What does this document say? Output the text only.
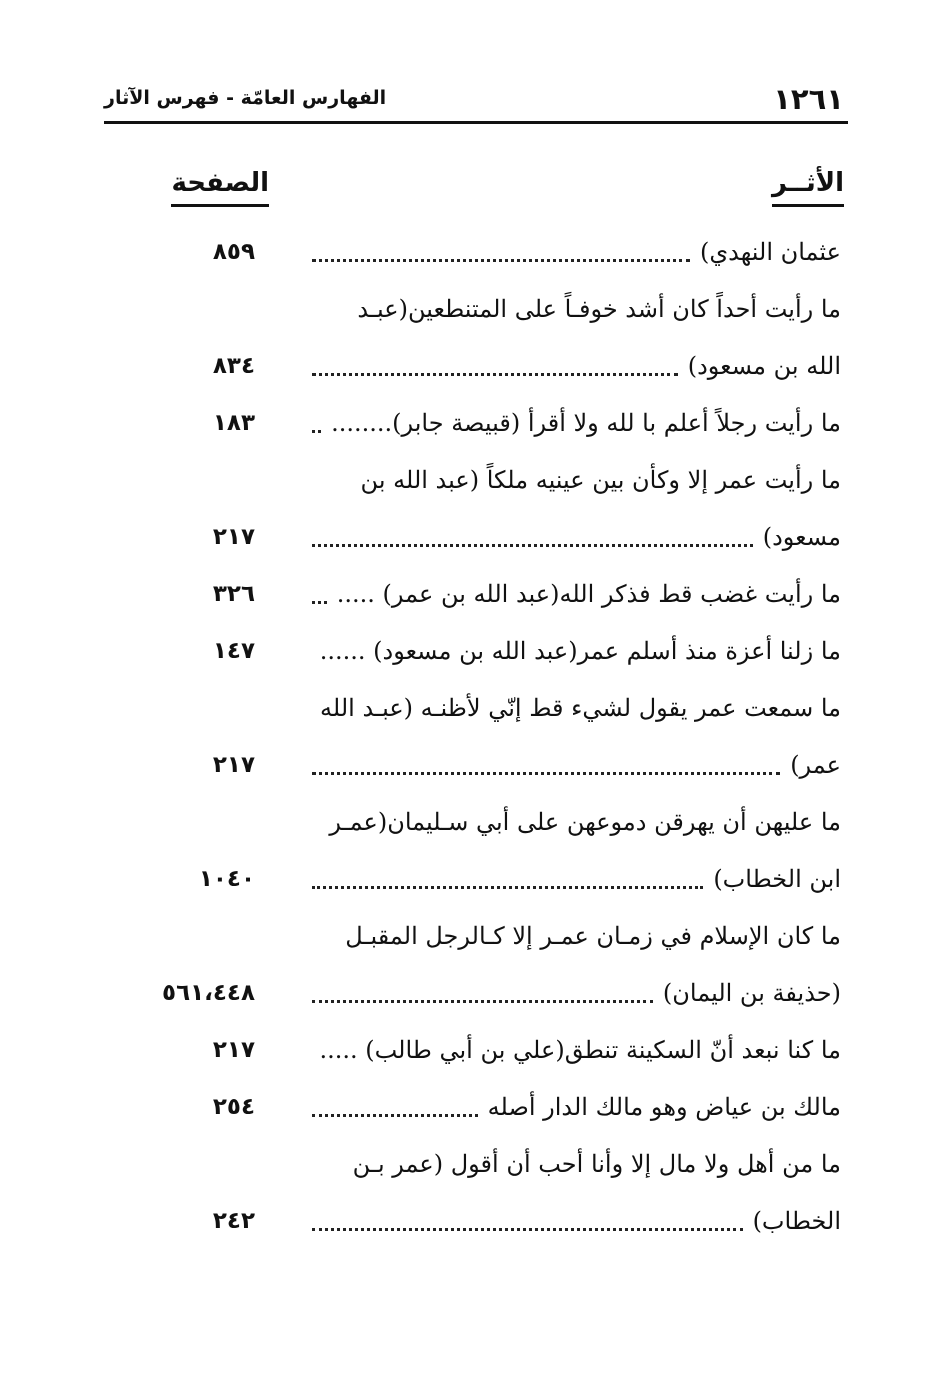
١٢٦١
الفهارس العامّة - فهرس الآثار
الأثــر
الصفحة
٨٥٩	عثمان النهدي)
ما رأيت أحداً كان أشد خوفـاً على المتنطعين(عبـد
٨٣٤	الله بن مسعود)
١٨٣	ما رأيت رجلاً أعلم با لله ولا أقرأ (قبيصة جابر)........
ما رأيت عمر إلا وكأن بين عينيه ملكاً (عبد الله بن
٢١٧	مسعود)
٣٢٦	ما رأيت غضب قط فذكر الله(عبد الله بن عمر) .....
١٤٧	ما زلنا أعزة منذ أسلم عمر(عبد الله بن مسعود) ......
ما سمعت عمر يقول لشيء قط إنّي لأظنـه (عبـد الله
٢١٧	عمر)
ما عليهن أن يهرقن دموعهن على أبي سـليمان(عمـر
١٠٤٠	ابن الخطاب)
ما كان الإسلام في زمـان عمـر إلا كـالرجل المقبـل
٥٦١،٤٤٨	(حذيفة بن اليمان)
٢١٧	ما كنا نبعد أنّ السكينة تنطق(علي بن أبي طالب) .....
٢٥٤	مالك بن عياض وهو مالك الدار أصله
ما من أهل ولا مال إلا وأنا أحب أن أقول (عمر بـن
٢٤٢	الخطاب)
